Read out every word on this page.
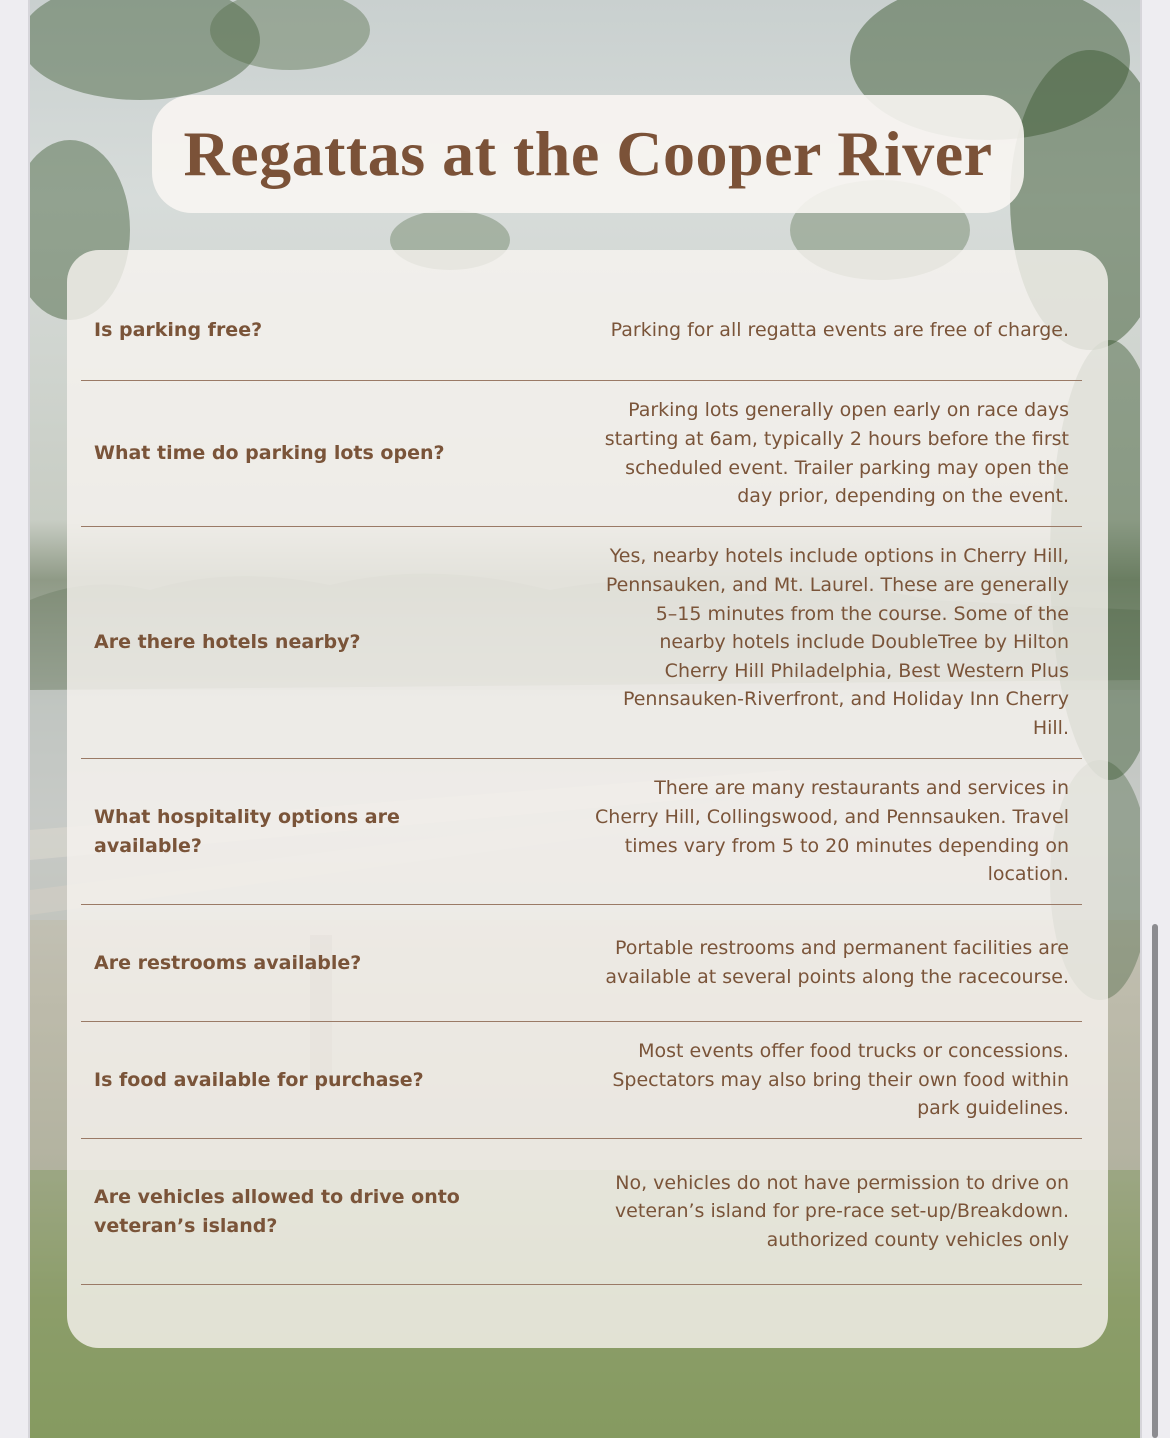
Regattas at the Cooper River
Is parking free?	Parking for all regatta events are free of charge.
What time do parking lots open?
Parking lots generally open early on race days starting at 6am, typically 2 hours before the first scheduled event. Trailer parking may open the day prior, depending on the event.
Are there hotels nearby?
Yes, nearby hotels include options in Cherry Hill, Pennsauken, and Mt. Laurel. These are generally 5–15 minutes from the course. Some of the nearby hotels include DoubleTree by Hilton Cherry Hill Philadelphia, Best Western Plus Pennsauken-Riverfront, and Holiday Inn Cherry Hill.
What hospitality options are available?
There are many restaurants and services in Cherry Hill, Collingswood, and Pennsauken. Travel times vary from 5 to 20 minutes depending on location.
Are restrooms available?
Portable restrooms and permanent facilities are available at several points along the racecourse.
Is food available for purchase?
Most events offer food trucks or concessions. Spectators may also bring their own food within park guidelines.
Are vehicles allowed to drive onto veteran’s island?
No, vehicles do not have permission to drive on veteran’s island for pre-race set-up/Breakdown. authorized county vehicles only
